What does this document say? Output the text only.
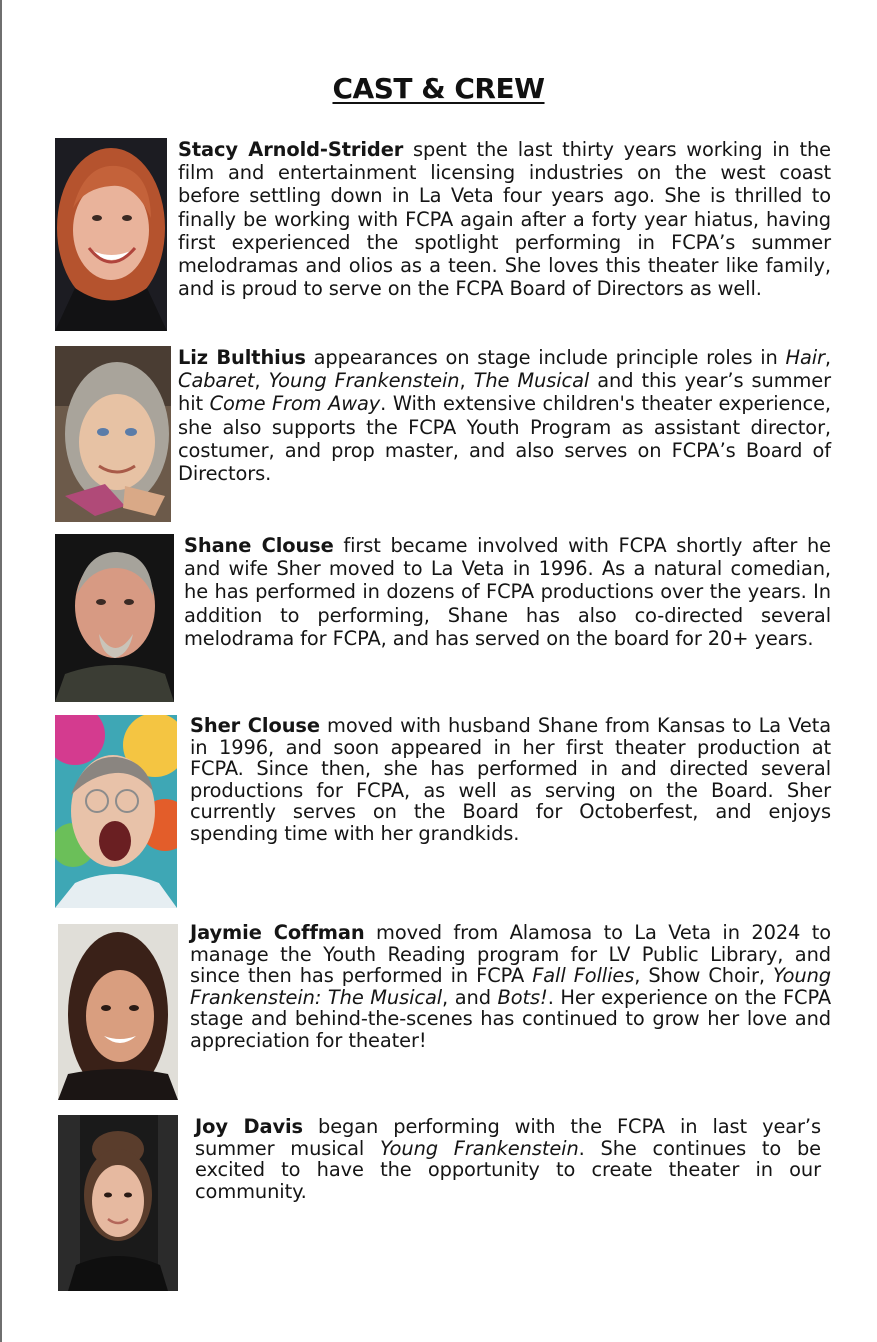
CAST & CREW
Stacy Arnold-Strider spent the last thirty years working in the film and entertainment licensing industries on the west coast before settling down in La Veta four years ago. She is thrilled to finally be working with FCPA again after a forty year hiatus, having first experienced the spotlight performing in FCPA’s summer melodramas and olios as a teen. She loves this theater like family, and is proud to serve on the FCPA Board of Directors as well.
Liz Bulthius appearances on stage include principle roles in Hair, Cabaret, Young Frankenstein, The Musical and this year’s summer hit Come From Away. With extensive children's theater experience, she also supports the FCPA Youth Program as assistant director, costumer, and prop master, and also serves on FCPA’s Board of Directors.
Shane Clouse first became involved with FCPA shortly after he and wife Sher moved to La Veta in 1996. As a natural comedian, he has performed in dozens of FCPA productions over the years. In addition to performing, Shane has also co-directed several melodrama for FCPA, and has served on the board for 20+ years.
Sher Clouse moved with husband Shane from Kansas to La Veta in 1996, and soon appeared in her first theater production at FCPA. Since then, she has performed in and directed several productions for FCPA, as well as serving on the Board. Sher currently serves on the Board for Octoberfest, and enjoys spending time with her grandkids.
Jaymie Coffman moved from Alamosa to La Veta in 2024 to manage the Youth Reading program for LV Public Library, and since then has performed in FCPA Fall Follies, Show Choir, Young Frankenstein: The Musical, and Bots!. Her experience on the FCPA stage and behind-the-scenes has continued to grow her love and appreciation for theater!
Joy Davis began performing with the FCPA in last year’s summer musical Young Frankenstein. She continues to be excited to have the opportunity to create theater in our community.
